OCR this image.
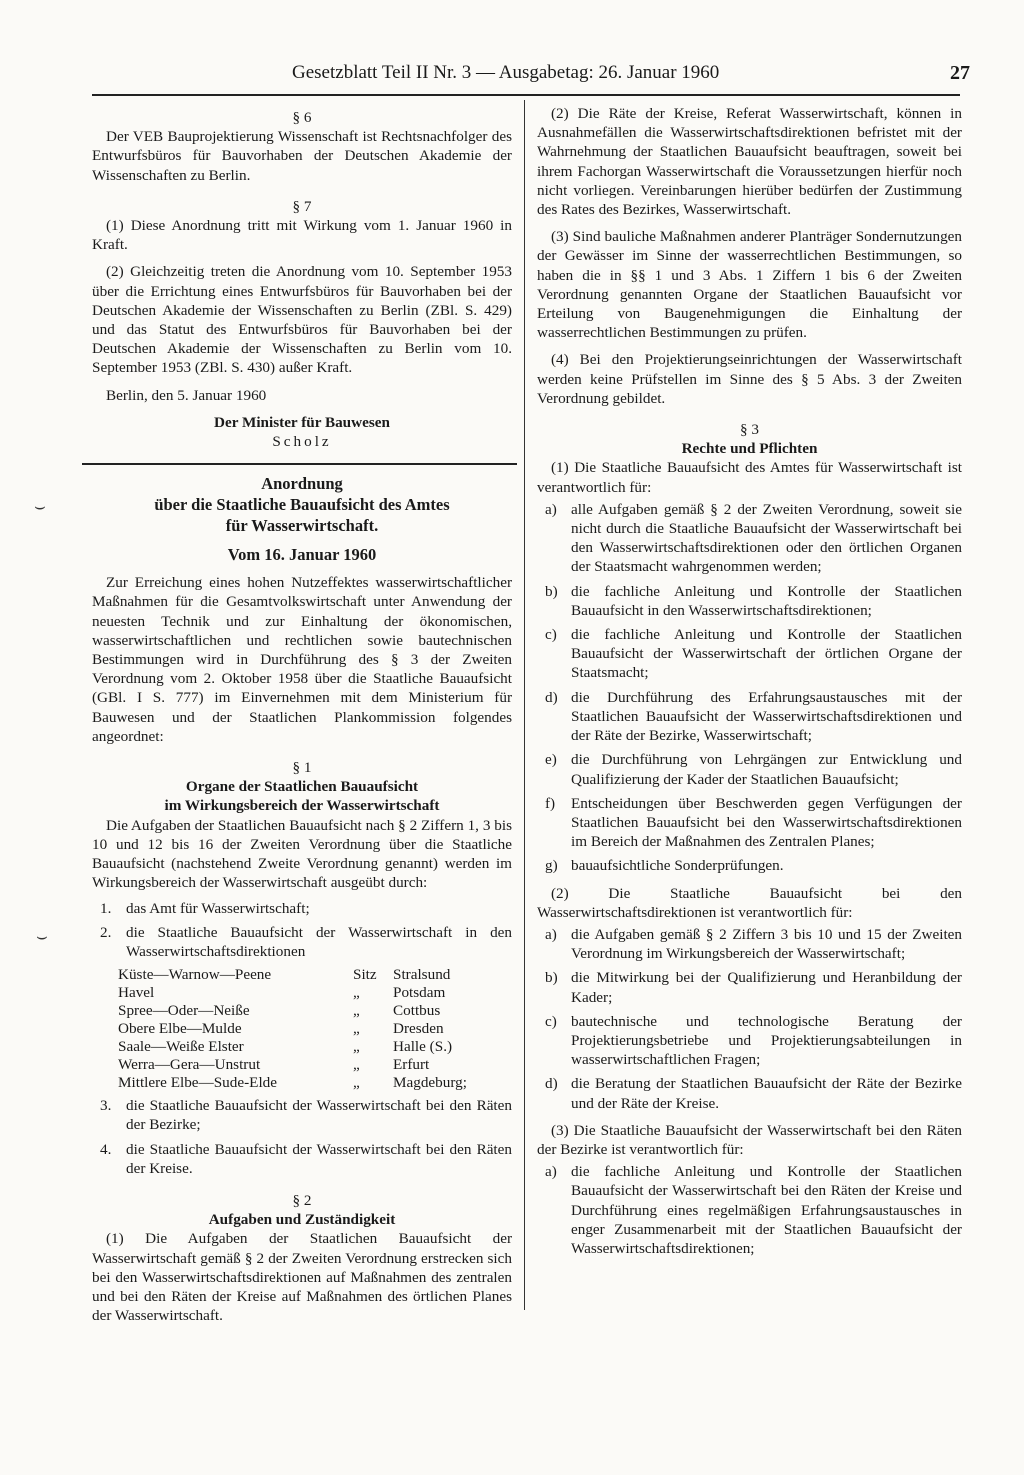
Gesetzblatt Teil II Nr. 3 — Ausgabetag: 26. Januar 1960	27
⌣
⌣

§ 6

Der VEB Bauprojektierung Wissenschaft ist Rechtsnachfolger des Entwurfsbüros für Bauvorhaben der Deutschen Akademie der Wissenschaften zu Berlin.

§ 7

(1) Diese Anordnung tritt mit Wirkung vom 1. Januar 1960 in Kraft.

(2) Gleichzeitig treten die Anordnung vom 10. September 1953 über die Errichtung eines Entwurfsbüros für Bauvorhaben bei der Deutschen Akademie der Wissenschaften zu Berlin (ZBl. S. 429) und das Statut des Entwurfsbüros für Bauvorhaben bei der Deutschen Akademie der Wissenschaften zu Berlin vom 10. September 1953 (ZBl. S. 430) außer Kraft.

Berlin, den 5. Januar 1960

Der Minister für Bauwesen

Scholz

Anordnung

über die Staatliche Bauaufsicht des Amtes

für Wasserwirtschaft.

Vom 16. Januar 1960

Zur Erreichung eines hohen Nutzeffektes wasserwirtschaftlicher Maßnahmen für die Gesamtvolkswirtschaft unter Anwendung der neuesten Technik und zur Einhaltung der ökonomischen, wasserwirtschaftlichen und rechtlichen sowie bautechnischen Bestimmungen wird in Durchführung des § 3 der Zweiten Verordnung vom 2. Oktober 1958 über die Staatliche Bauaufsicht (GBl. I S. 777) im Einvernehmen mit dem Ministerium für Bauwesen und der Staatlichen Plankommission folgendes angeordnet:

§ 1

Organe der Staatlichen Bauaufsicht

im Wirkungsbereich der Wasserwirtschaft

Die Aufgaben der Staatlichen Bauaufsicht nach § 2 Ziffern 1, 3 bis 10 und 12 bis 16 der Zweiten Verordnung über die Staatliche Bauaufsicht (nachstehend Zweite Verordnung genannt) werden im Wirkungsbereich der Wasserwirtschaft ausgeübt durch:

1. das Amt für Wasserwirtschaft;
2. die Staatliche Bauaufsicht der Wasserwirtschaft in den Wasserwirtschaftsdirektionen
Küste—Warnow—Peene	Sitz	Stralsund
Havel	„	Potsdam
Spree—Oder—Neiße	„	Cottbus
Obere Elbe—Mulde	„	Dresden
Saale—Weiße Elster	„	Halle (S.)
Werra—Gera—Unstrut	„	Erfurt
Mittlere Elbe—Sude-Elde	„	Magdeburg;
3. die Staatliche Bauaufsicht der Wasserwirtschaft bei den Räten der Bezirke;
4. die Staatliche Bauaufsicht der Wasserwirtschaft bei den Räten der Kreise.

§ 2

Aufgaben und Zuständigkeit

(1) Die Aufgaben der Staatlichen Bauaufsicht der Wasserwirtschaft gemäß § 2 der Zweiten Verordnung erstrecken sich bei den Wasserwirtschaftsdirektionen auf Maßnahmen des zentralen und bei den Räten der Kreise auf Maßnahmen des örtlichen Planes der Wasserwirtschaft.

(2) Die Räte der Kreise, Referat Wasserwirtschaft, können in Ausnahmefällen die Wasserwirtschaftsdirektionen befristet mit der Wahrnehmung der Staatlichen Bauaufsicht beauftragen, soweit bei ihrem Fachorgan Wasserwirtschaft die Voraussetzungen hierfür noch nicht vorliegen. Vereinbarungen hierüber bedürfen der Zustimmung des Rates des Bezirkes, Wasserwirtschaft.

(3) Sind bauliche Maßnahmen anderer Planträger Sondernutzungen der Gewässer im Sinne der wasserrechtlichen Bestimmungen, so haben die in §§ 1 und 3 Abs. 1 Ziffern 1 bis 6 der Zweiten Verordnung genannten Organe der Staatlichen Bauaufsicht vor Erteilung von Baugenehmigungen die Einhaltung der wasserrechtlichen Bestimmungen zu prüfen.

(4) Bei den Projektierungseinrichtungen der Wasserwirtschaft werden keine Prüfstellen im Sinne des § 5 Abs. 3 der Zweiten Verordnung gebildet.

§ 3

Rechte und Pflichten

(1) Die Staatliche Bauaufsicht des Amtes für Wasserwirtschaft ist verantwortlich für:

a) alle Aufgaben gemäß § 2 der Zweiten Verordnung, soweit sie nicht durch die Staatliche Bauaufsicht der Wasserwirtschaft bei den Wasserwirtschaftsdirektionen oder den örtlichen Organen der Staatsmacht wahrgenommen werden;
b) die fachliche Anleitung und Kontrolle der Staatlichen Bauaufsicht in den Wasserwirtschaftsdirektionen;
c) die fachliche Anleitung und Kontrolle der Staatlichen Bauaufsicht der Wasserwirtschaft der örtlichen Organe der Staatsmacht;
d) die Durchführung des Erfahrungsaustausches mit der Staatlichen Bauaufsicht der Wasserwirtschaftsdirektionen und der Räte der Bezirke, Wasserwirtschaft;
e) die Durchführung von Lehrgängen zur Entwicklung und Qualifizierung der Kader der Staatlichen Bauaufsicht;
f)	Entscheidungen über Beschwerden gegen Verfügungen der Staatlichen Bauaufsicht bei den Wasserwirtschaftsdirektionen im Bereich der Maßnahmen des Zentralen Planes;
g) bauaufsichtliche Sonderprüfungen.

(2) Die Staatliche Bauaufsicht bei den Wasserwirtschaftsdirektionen ist verantwortlich für:

a) die Aufgaben gemäß § 2 Ziffern 3 bis 10 und 15 der Zweiten Verordnung im Wirkungsbereich der Wasserwirtschaft;
b) die Mitwirkung bei der Qualifizierung und Heranbildung der Kader;
c) bautechnische und technologische Beratung der Projektierungsbetriebe und Projektierungsabteilungen in wasserwirtschaftlichen Fragen;
d) die Beratung der Staatlichen Bauaufsicht der Räte der Bezirke und der Räte der Kreise.

(3) Die Staatliche Bauaufsicht der Wasserwirtschaft bei den Räten der Bezirke ist verantwortlich für:

a) die fachliche Anleitung und Kontrolle der Staatlichen Bauaufsicht der Wasserwirtschaft bei den Räten der Kreise und Durchführung eines regelmäßigen Erfahrungsaustausches in enger Zusammenarbeit mit der Staatlichen Bauaufsicht der Wasserwirtschaftsdirektionen;
